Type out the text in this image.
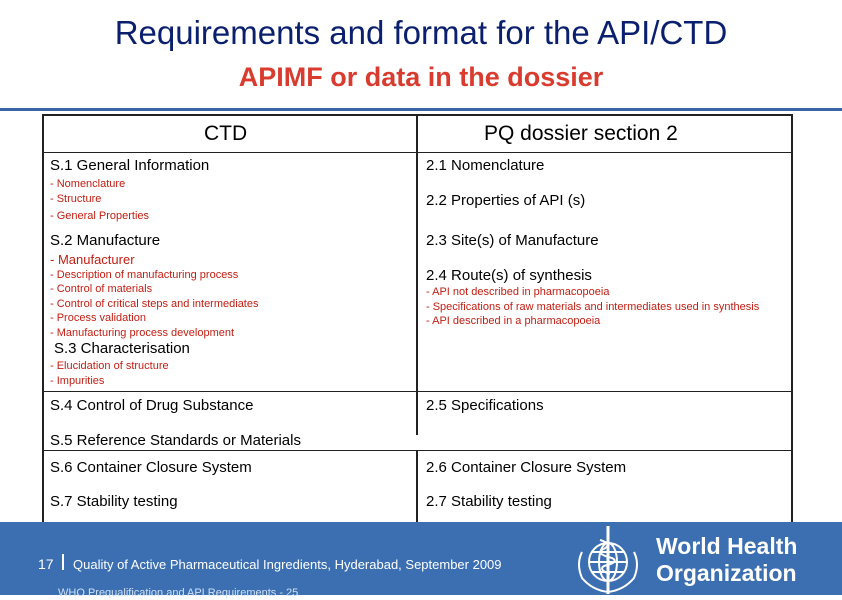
Requirements and format for the API/CTD
APIMF or data in the dossier
CTD	PQ dossier section 2
S.1 General Information
- Nomenclature
- Structure
- General Properties
S.2 Manufacture
- Manufacturer
- Description of manufacturing process
- Control of materials
- Control of critical steps and intermediates
- Process validation
- Manufacturing process development
S.3 Characterisation
- Elucidation of structure
- Impurities
S.4 Control of Drug Substance
S.5 Reference Standards or Materials
S.6 Container Closure System
S.7 Stability testing
2.1 Nomenclature
2.2 Properties of API (s)
2.3 Site(s) of Manufacture
2.4 Route(s) of synthesis
- API not described in pharmacopoeia
- Specifications of raw materials and intermediates used in synthesis
- API described in a pharmacopoeia
2.5 Specifications
2.6 Container Closure System
2.7 Stability testing
17 Quality of Active Pharmaceutical Ingredients, Hyderabad, September 2009
WHO Prequalification and API Requirements - 25
World Health
Organization
